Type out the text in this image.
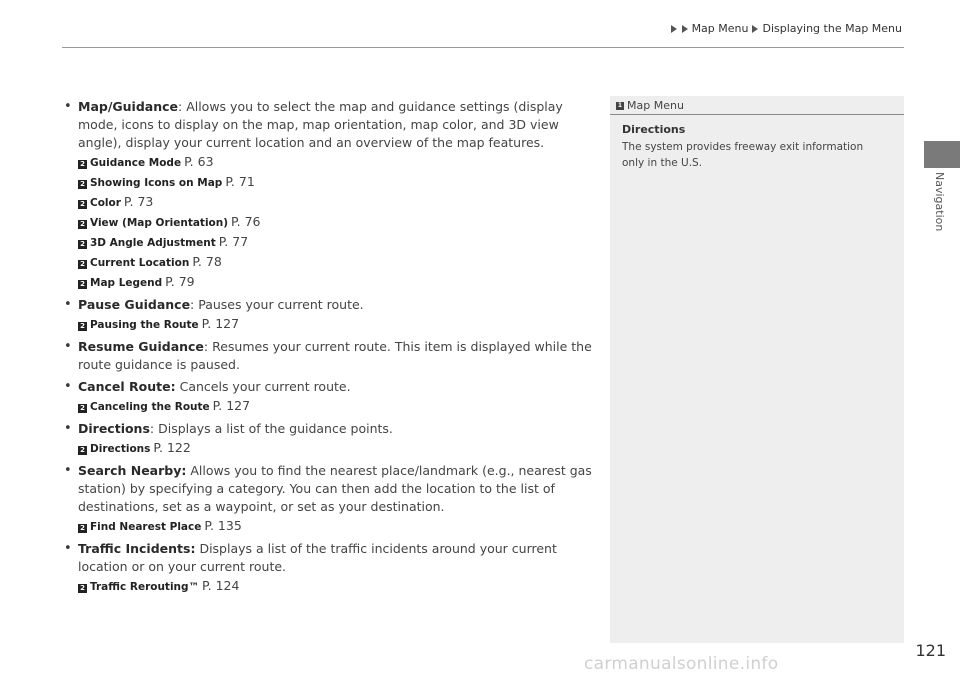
Map Menu Displaying the Map Menu
Navigation
• Map/Guidance: Allows you to select the map and guidance settings (display mode, icons to display on the map, map orientation, map color, and 3D view angle), display your current location and an overview of the map features.
2 Guidance Mode P. 63
2 Showing Icons on Map P. 71
2 Color P. 73
2 View (Map Orientation) P. 76
2 3D Angle Adjustment P. 77
2 Current Location P. 78
2 Map Legend P. 79
• Pause Guidance: Pauses your current route.
2 Pausing the Route P. 127
• Resume Guidance: Resumes your current route. This item is displayed while the route guidance is paused.
• Cancel Route: Cancels your current route.
2 Canceling the Route P. 127
• Directions: Displays a list of the guidance points.
2 Directions P. 122
• Search Nearby: Allows you to find the nearest place/landmark (e.g., nearest gas station) by specifying a category. You can then add the location to the list of destinations, set as a waypoint, or set as your destination.
2 Find Nearest Place P. 135
• Traffic Incidents: Displays a list of the traffic incidents around your current location or on your current route.
2 Traffic Rerouting™ P. 124
1 Map Menu
Directions
The system provides freeway exit information only in the U.S.
121
carmanualsonline.info
